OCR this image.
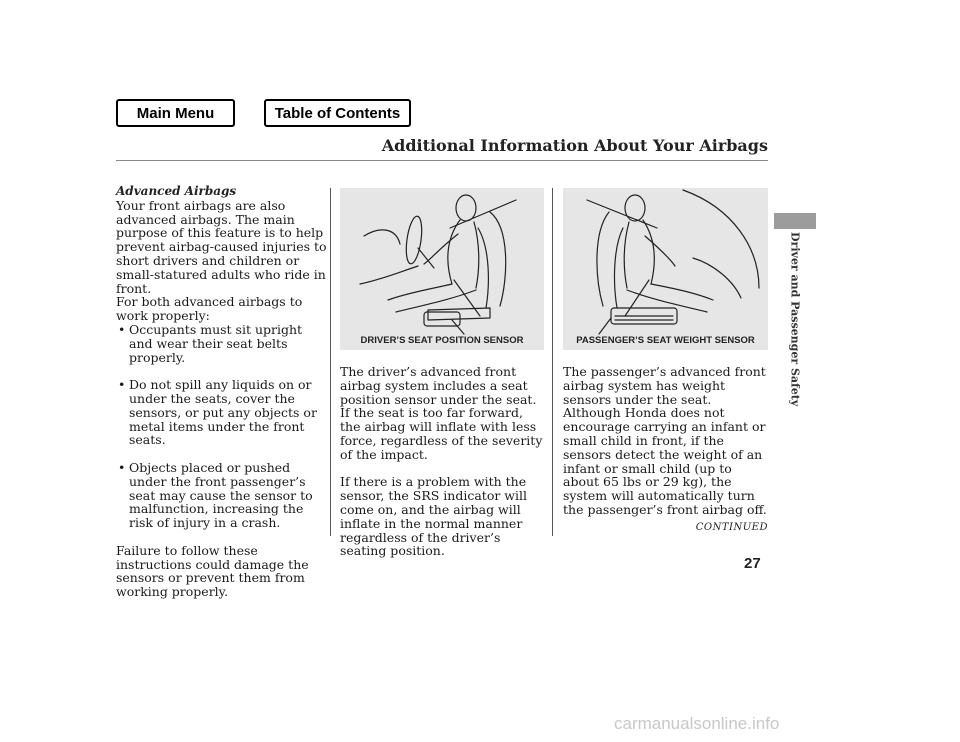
Main Menu	Table of Contents
Additional Information About Your Airbags
Driver and Passenger Safety
Advanced Airbags

Your front airbags are also advanced airbags. The main purpose of this feature is to help prevent airbag-caused injuries to short drivers and children or small-statured adults who ride in front.

For both advanced airbags to work properly:

• Occupants must sit upright and wear their seat belts properly.
• Do not spill any liquids on or under the seats, cover the sensors, or put any objects or metal items under the front seats.
• Objects placed or pushed under the front passenger’s seat may cause the sensor to malfunction, increasing the risk of injury in a crash.

Failure to follow these instructions could damage the sensors or prevent them from working properly.

DRIVER’S SEAT POSITION SENSOR	PASSENGER’S SEAT WEIGHT SENSOR

The driver’s advanced front airbag system includes a seat position sensor under the seat. If the seat is too far forward, the airbag will inflate with less force, regardless of the severity of the impact.

If there is a problem with the sensor, the SRS indicator will come on, and the airbag will inflate in the normal manner regardless of the driver’s seating position.

The passenger’s advanced front airbag system has weight sensors under the seat. Although Honda does not encourage carrying an infant or small child in front, if the sensors detect the weight of an infant or small child (up to about 65 lbs or 29 kg), the system will automatically turn the passenger’s front airbag off.

CONTINUED
27
carmanualsonline.info
